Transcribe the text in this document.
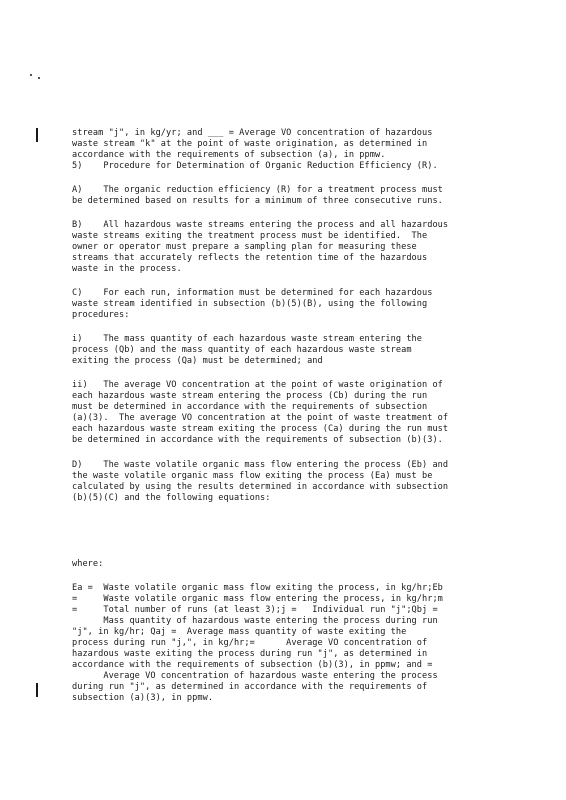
stream "j", in kg/yr; and ___ = Average VO concentration of hazardous
waste stream "k" at the point of waste origination, as determined in
accordance with the requirements of subsection (a), in ppmw.
5)    Procedure for Determination of Organic Reduction Efficiency (R).
A)    The organic reduction efficiency (R) for a treatment process must
be determined based on results for a minimum of three consecutive runs.
B)    All hazardous waste streams entering the process and all hazardous
waste streams exiting the treatment process must be identified.  The
owner or operator must prepare a sampling plan for measuring these
streams that accurately reflects the retention time of the hazardous
waste in the process.
C)    For each run, information must be determined for each hazardous
waste stream identified in subsection (b)(5)(B), using the following
procedures:
i)    The mass quantity of each hazardous waste stream entering the
process (Qb) and the mass quantity of each hazardous waste stream
exiting the process (Qa) must be determined; and
ii)   The average VO concentration at the point of waste origination of
each hazardous waste stream entering the process (Cb) during the run
must be determined in accordance with the requirements of subsection
(a)(3).  The average VO concentration at the point of waste treatment of
each hazardous waste stream exiting the process (Ca) during the run must
be determined in accordance with the requirements of subsection (b)(3).
D)    The waste volatile organic mass flow entering the process (Eb) and
the waste volatile organic mass flow exiting the process (Ea) must be
calculated by using the results determined in accordance with subsection
(b)(5)(C) and the following equations:
where:
Ea =  Waste volatile organic mass flow exiting the process, in kg/hr;Eb
=     Waste volatile organic mass flow entering the process, in kg/hr;m
=     Total number of runs (at least 3);j =   Individual run "j";Qbj =
Mass quantity of hazardous waste entering the process during run
"j", in kg/hr; Qaj =  Average mass quantity of waste exiting the
process during run "j,", in kg/hr;=      Average VO concentration of
hazardous waste exiting the process during run "j", as determined in
accordance with the requirements of subsection (b)(3), in ppmw; and =
Average VO concentration of hazardous waste entering the process
during run "j", as determined in accordance with the requirements of
subsection (a)(3), in ppmw.
